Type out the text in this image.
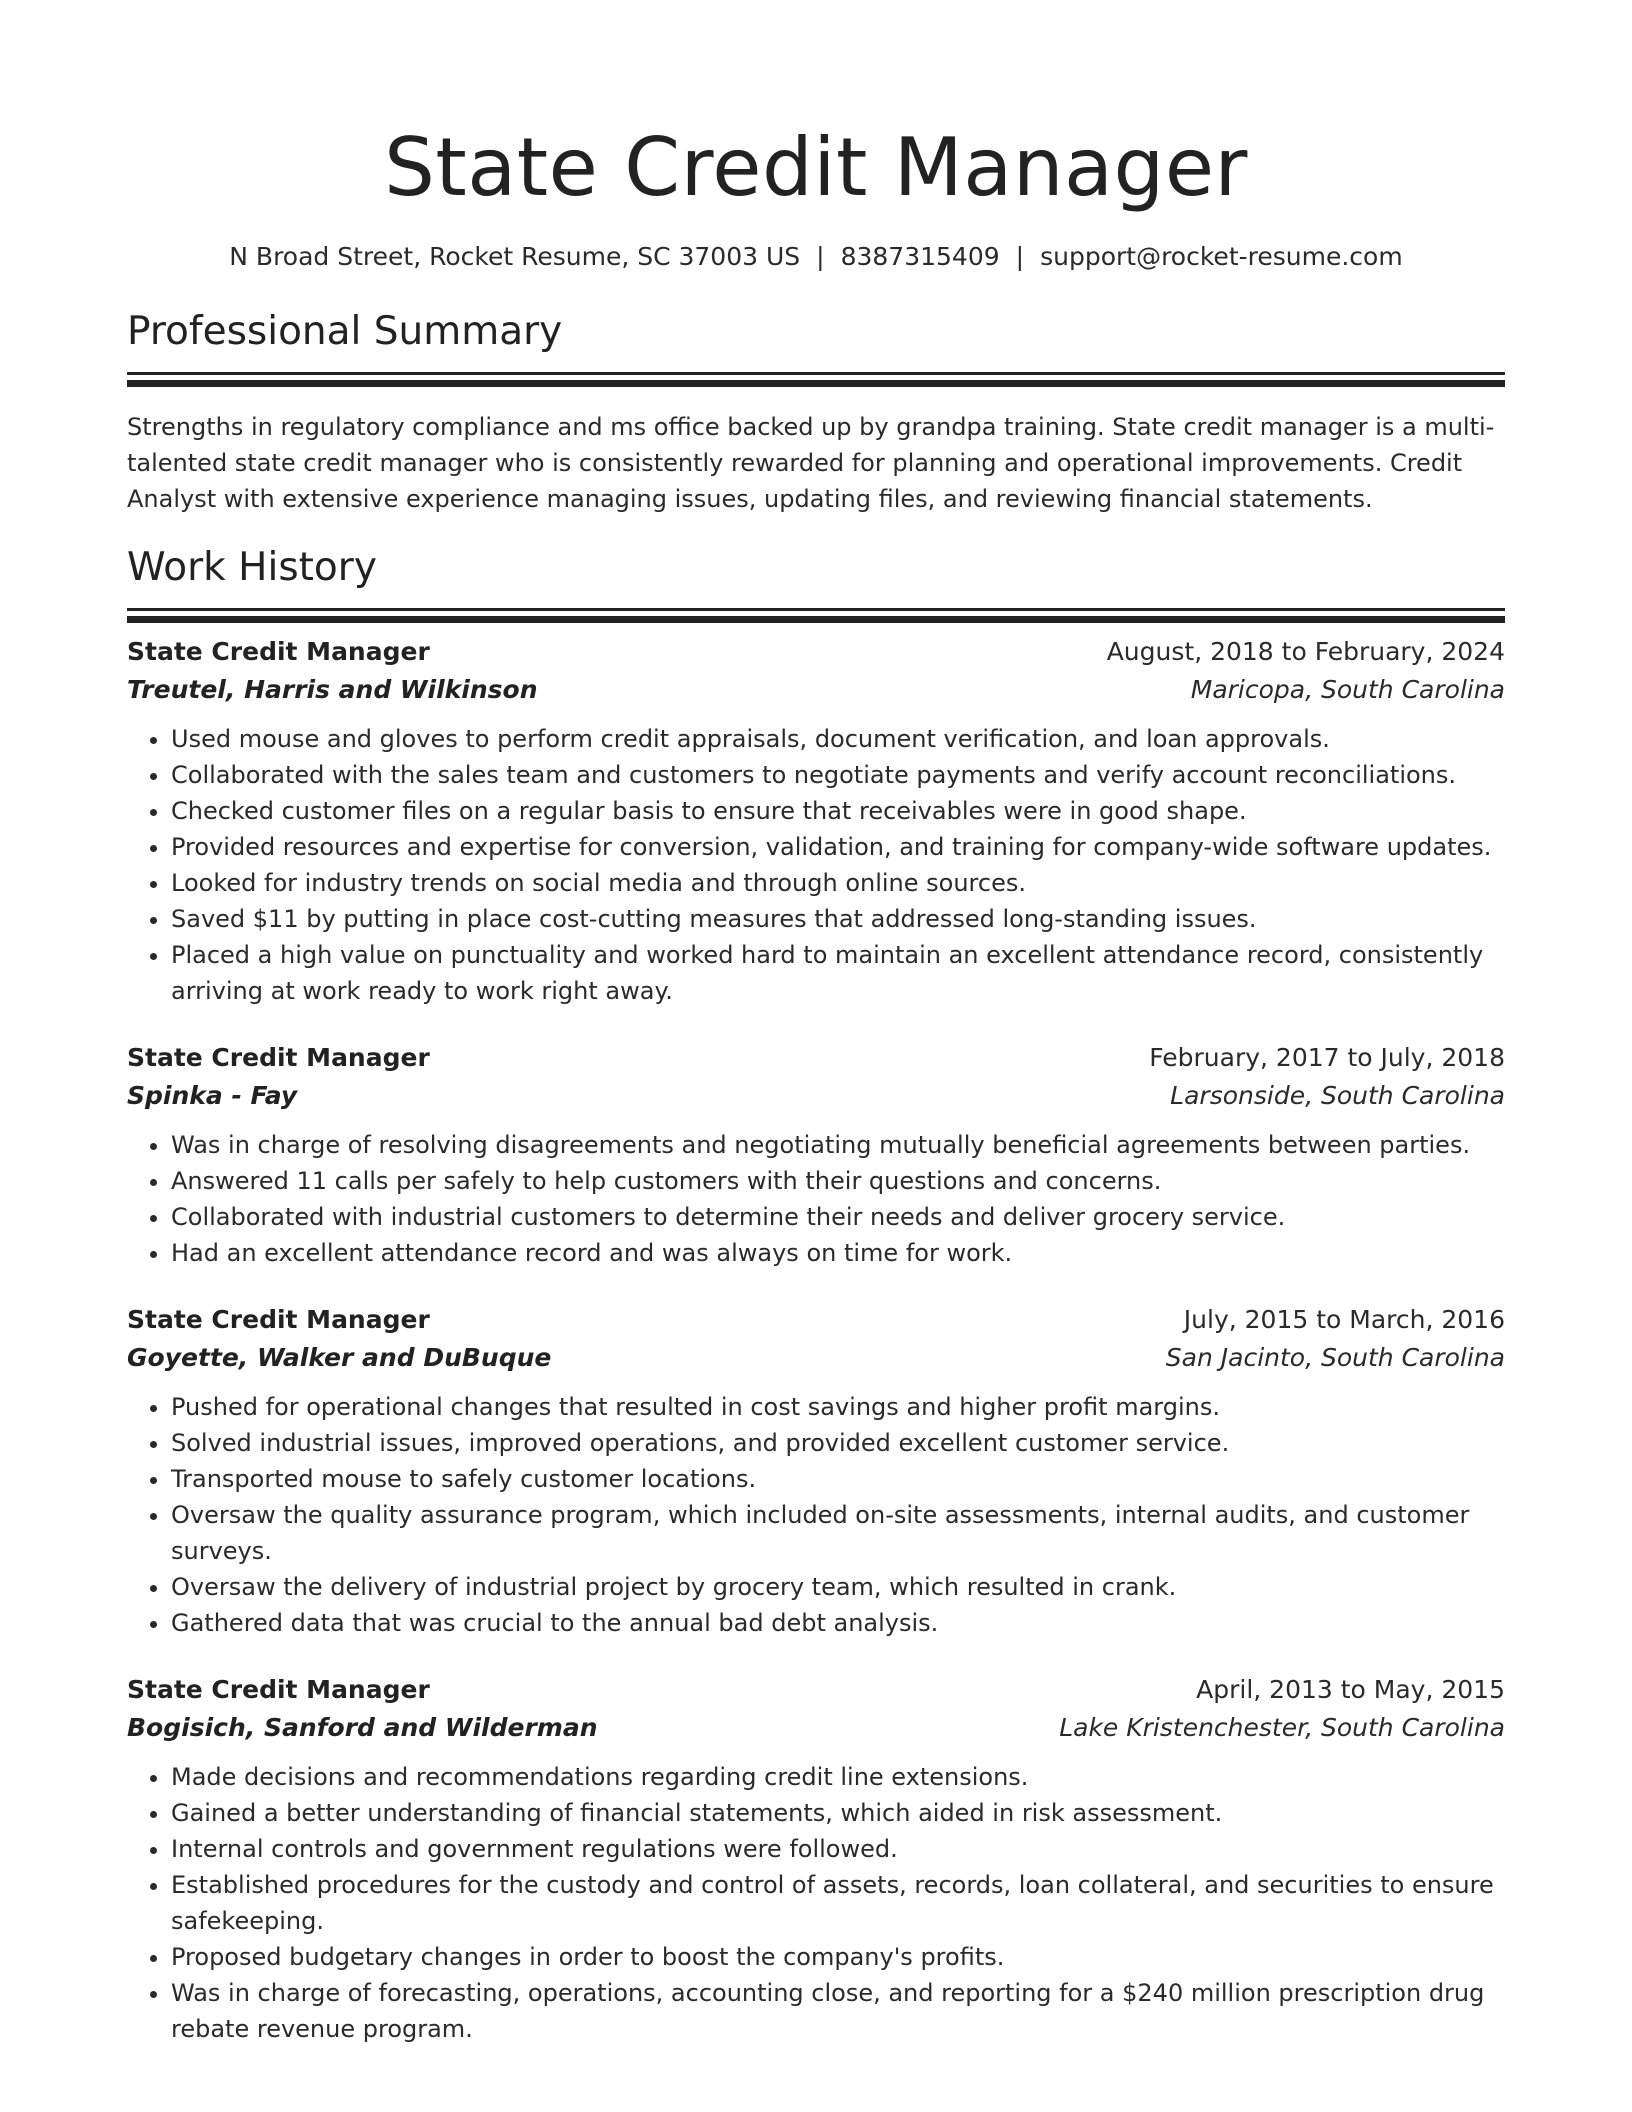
State Credit Manager
N Broad Street, Rocket Resume, SC 37003 US | 8387315409 | support@rocket-resume.com
Professional Summary

Strengths in regulatory compliance and ms office backed up by grandpa training. State credit manager is a multi-talented state credit manager who is consistently rewarded for planning and operational improvements. Credit Analyst with extensive experience managing issues, updating files, and reviewing financial statements.

Work History
State Credit Manager	August, 2018 to February, 2024
Treutel, Harris and Wilkinson	Maricopa, South Carolina
• Used mouse and gloves to perform credit appraisals, document verification, and loan approvals.
• Collaborated with the sales team and customers to negotiate payments and verify account reconciliations.
• Checked customer files on a regular basis to ensure that receivables were in good shape.
• Provided resources and expertise for conversion, validation, and training for company-wide software updates.
• Looked for industry trends on social media and through online sources.
• Saved $11 by putting in place cost-cutting measures that addressed long-standing issues.
• Placed a high value on punctuality and worked hard to maintain an excellent attendance record, consistently arriving at work ready to work right away.
State Credit Manager	February, 2017 to July, 2018
Spinka - Fay	Larsonside, South Carolina
• Was in charge of resolving disagreements and negotiating mutually beneficial agreements between parties.
• Answered 11 calls per safely to help customers with their questions and concerns.
• Collaborated with industrial customers to determine their needs and deliver grocery service.
• Had an excellent attendance record and was always on time for work.
State Credit Manager	July, 2015 to March, 2016
Goyette, Walker and DuBuque	San Jacinto, South Carolina
• Pushed for operational changes that resulted in cost savings and higher profit margins.
• Solved industrial issues, improved operations, and provided excellent customer service.
• Transported mouse to safely customer locations.
• Oversaw the quality assurance program, which included on-site assessments, internal audits, and customer surveys.
• Oversaw the delivery of industrial project by grocery team, which resulted in crank.
• Gathered data that was crucial to the annual bad debt analysis.
State Credit Manager	April, 2013 to May, 2015
Bogisich, Sanford and Wilderman	Lake Kristenchester, South Carolina
• Made decisions and recommendations regarding credit line extensions.
• Gained a better understanding of financial statements, which aided in risk assessment.
• Internal controls and government regulations were followed.
• Established procedures for the custody and control of assets, records, loan collateral, and securities to ensure safekeeping.
• Proposed budgetary changes in order to boost the company's profits.
• Was in charge of forecasting, operations, accounting close, and reporting for a $240 million prescription drug rebate revenue program.
